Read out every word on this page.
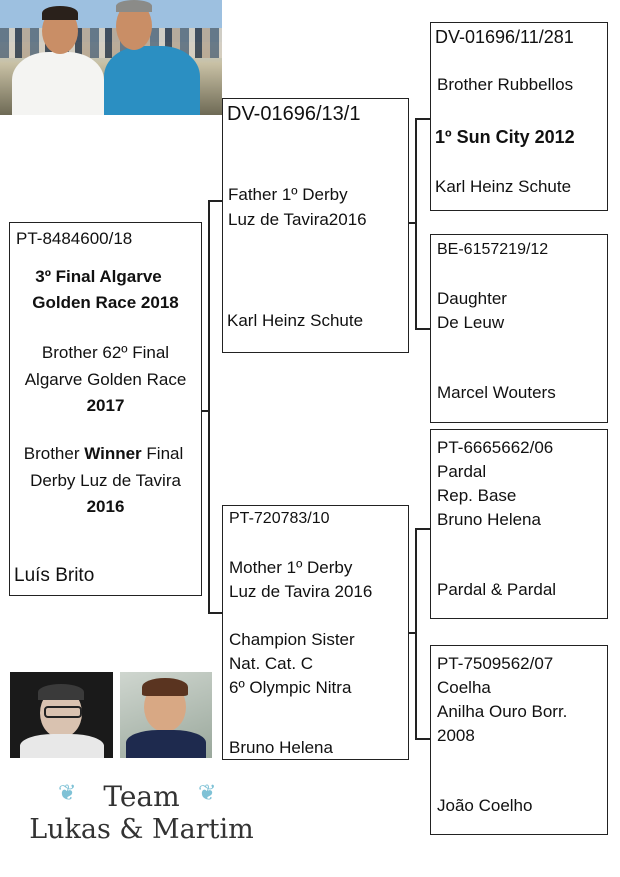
PT-8484600/18
3º Final Algarve
Golden Race 2018
Brother 62º Final
Algarve Golden Race
2017
Brother Winner Final
Derby Luz de Tavira
2016
Luís Brito
DV-01696/13/1
Father 1º Derby
Luz de Tavira2016
Karl Heinz Schute
PT-720783/10
Mother 1º Derby
Luz de Tavira 2016
Champion Sister
Nat. Cat. C
6º Olympic Nitra
Bruno Helena
DV-01696/11/281
Brother Rubbellos
1º Sun City 2012
Karl Heinz Schute
BE-6157219/12
Daughter
De Leuw
Marcel Wouters
PT-6665662/06
Pardal
Rep. Base
Bruno Helena
Pardal & Pardal
PT-7509562/07
Coelha
Anilha Ouro Borr.
2008
João Coelho
❦	❦
Team
Lukas & Martim
